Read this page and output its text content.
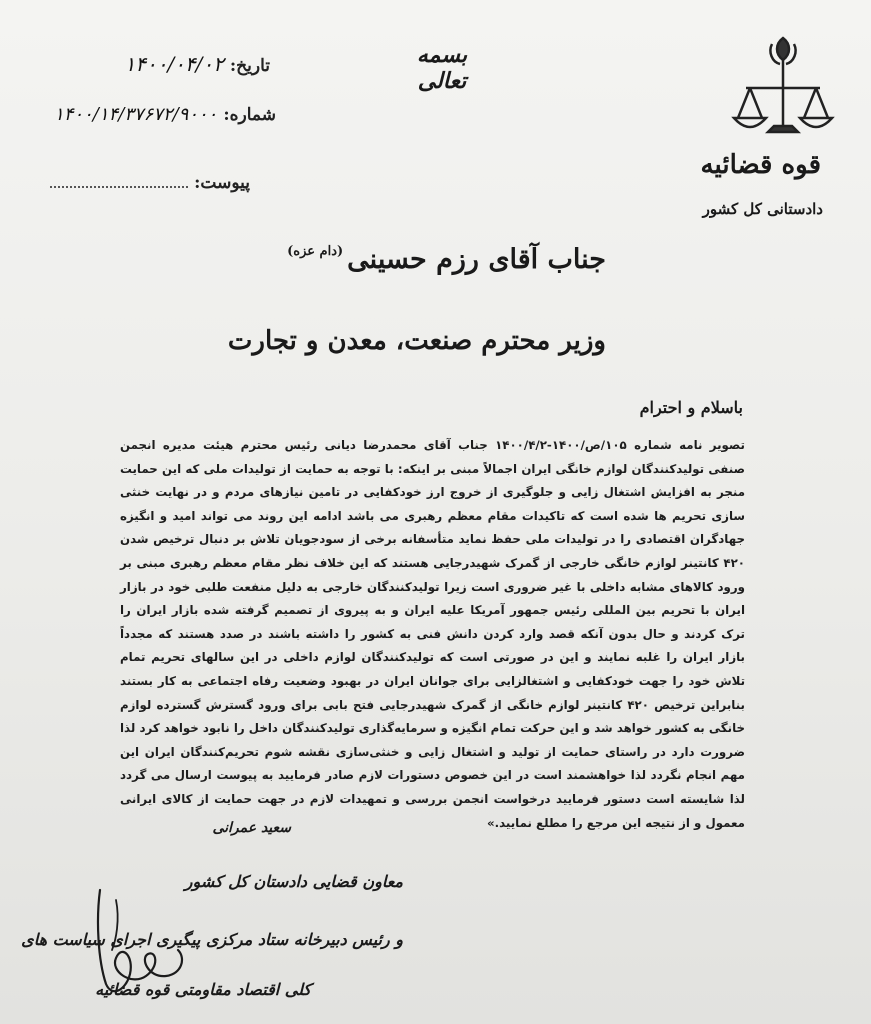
تاریخ:
۱۴۰۰/۰۴/۰۲
شماره:
۱۴۰۰/۱۴/۳۷۶۷۲/۹۰۰۰
پیوست:
بسمه تعالی
قوه قضائیه
دادستانی کل کشور
جناب آقای رزم حسینی$^{(دام عزه)}$
وزیر محترم صنعت، معدن و تجارت
باسلام و احترام
تصویر نامه شماره ۱۰۵/ص/۱۴۰۰-۱۴۰۰/۴/۲ جناب آقای محمدرضا دیانی رئیس محترم هیئت مدیره انجمن صنفی تولیدکنندگان لوازم خانگی ایران اجمالاً مبنی بر اینکه: با توجه به حمایت از تولیدات ملی که این حمایت منجر به افزایش اشتغال زایی و جلوگیری از خروج ارز خودکفایی در تامین نیازهای مردم و در نهایت خنثی سازی تحریم ها شده است که تاکیدات مقام معظم رهبری می باشد ادامه این روند می تواند امید و انگیزه جهادگران اقتصادی را در تولیدات ملی حفظ نماید متأسفانه برخی از سودجویان تلاش بر دنبال ترخیص شدن ۴۲۰ کانتینر لوازم خانگی خارجی از گمرک شهیدرجایی هستند که این خلاف نظر مقام معظم رهبری مبنی بر ورود کالاهای مشابه داخلی با غیر ضروری است زیرا تولیدکنندگان خارجی به دلیل منفعت طلبی خود در بازار ایران با تحریم بین المللی رئیس جمهور آمریکا علیه ایران و به پیروی از تصمیم گرفته شده بازار ایران را ترک کردند و حال بدون آنکه قصد وارد کردن دانش فنی به کشور را داشته باشند در صدد هستند که مجدداً بازار ایران را غلبه نمایند و این در صورتی است که تولیدکنندگان لوازم داخلی در این سالهای تحریم تمام تلاش خود را جهت خودکفایی و اشتغالزایی برای جوانان ایران در بهبود وضعیت رفاه اجتماعی به کار بستند بنابراین ترخیص ۴۲۰ کانتینر لوازم خانگی از گمرک شهیدرجایی فتح بابی برای ورود گسترش گسترده لوازم خانگی به کشور خواهد شد و این حرکت تمام انگیزه و سرمایه‌گذاری تولیدکنندگان داخل را نابود خواهد کرد لذا ضرورت دارد در راستای حمایت از تولید و اشتغال زایی و خنثی‌سازی نقشه شوم تحریم‌کنندگان ایران این مهم انجام نگردد لذا خواهشمند است در این خصوص دستورات لازم صادر فرمایید به پیوست ارسال می گردد لذا شایسته است دستور فرمایید درخواست انجمن بررسی و تمهیدات لازم در جهت حمایت از کالای ایرانی معمول و از نتیجه این مرجع را مطلع نمایید.»
سعید عمرانی
معاون قضایی دادستان کل کشور
و رئیس دبیرخانه ستاد مرکزی پیگیری اجرای سیاست های
کلی اقتصاد مقاومتی قوه قضائیه
